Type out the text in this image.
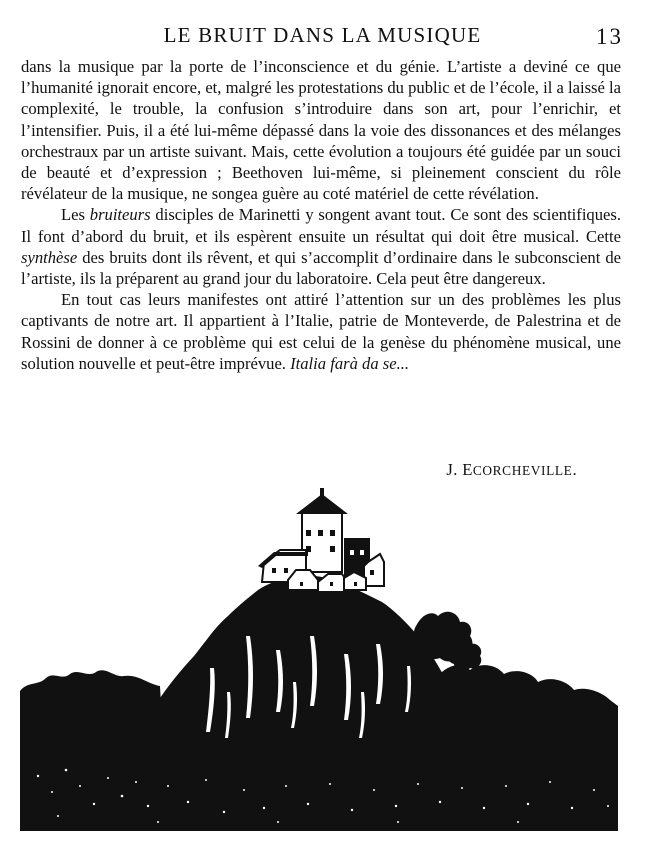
LE BRUIT DANS LA MUSIQUE	13

dans la musique par la porte de l’inconscience et du génie. L’artiste a deviné ce que l’humanité ignorait encore, et, malgré les protestations du public et de l’école, il a laissé la complexité, le trouble, la confusion s’introduire dans son art, pour l’enrichir, et l’intensifier. Puis, il a été lui-même dépassé dans la voie des dissonances et des mélanges orchestraux par un artiste suivant. Mais, cette évolution a toujours été guidée par un souci de beauté et d’expression ; Beethoven lui-même, si pleinement conscient du rôle révélateur de la musique, ne songea guère au coté matériel de cette révélation.

Les bruiteurs disciples de Marinetti y songent avant tout. Ce sont des scientifiques. Il font d’abord du bruit, et ils espèrent ensuite un résultat qui doit être musical. Cette synthèse des bruits dont ils rêvent, et qui s’accomplit d’ordinaire dans le subconscient de l’artiste, ils la préparent au grand jour du laboratoire. Cela peut être dangereux.

En tout cas leurs manifestes ont attiré l’attention sur un des problèmes les plus captivants de notre art. Il appartient à l’Italie, patrie de Monteverde, de Palestrina et de Rossini de donner à ce problème qui est celui de la genèse du phénomène musical, une solution nouvelle et peut-être imprévue. Italia farà da se...

J. ECORCHEVILLE.
